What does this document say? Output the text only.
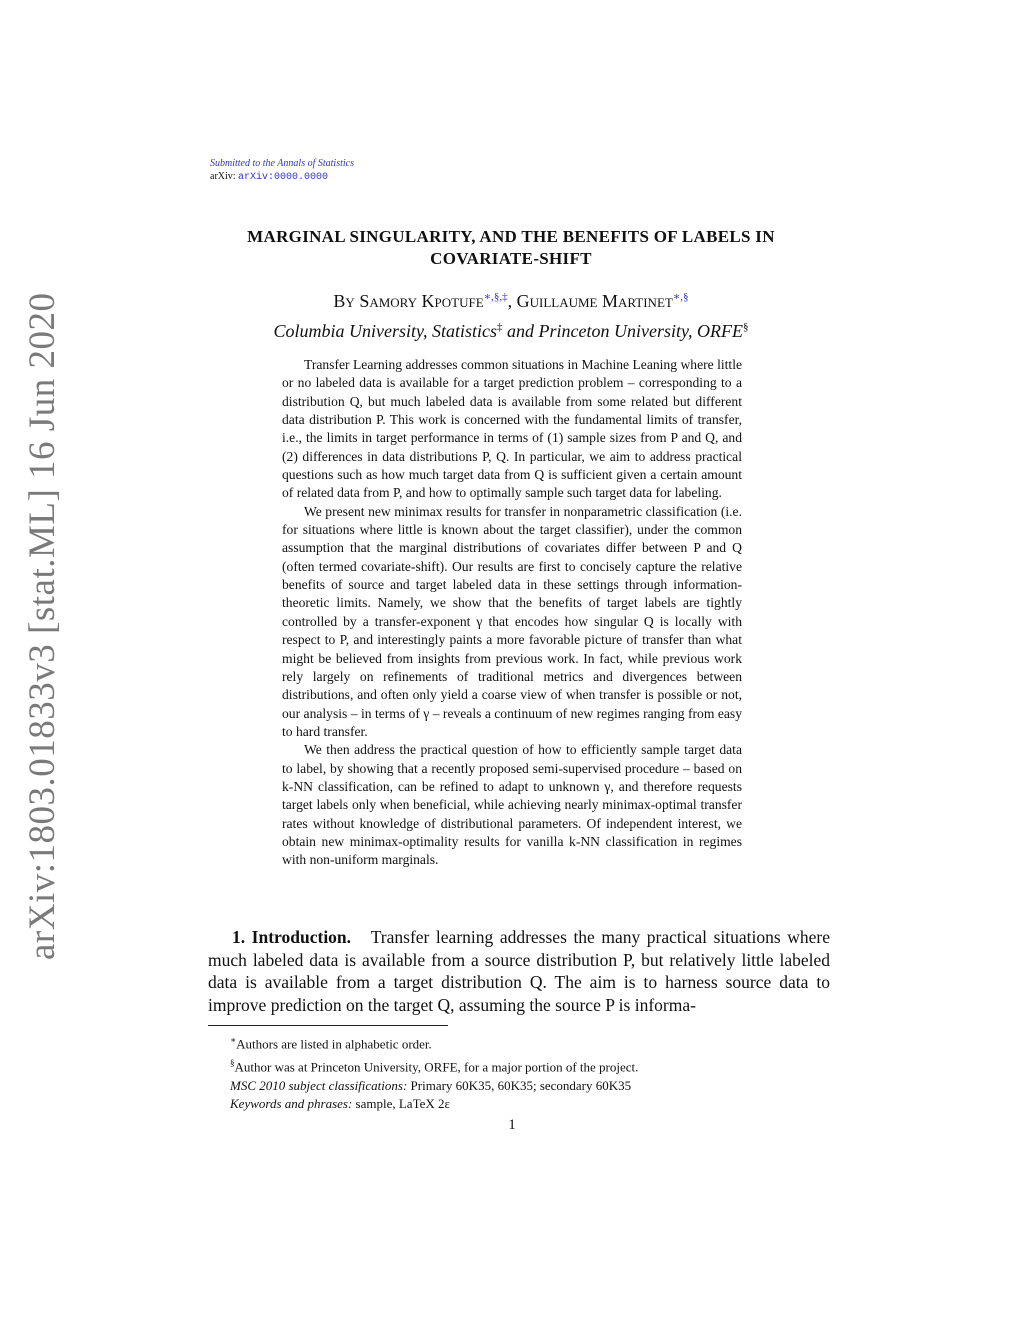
arXiv:1803.01833v3 [stat.ML] 16 Jun 2020
Submitted to the Annals of Statistics
arXiv: arXiv:0000.0000
MARGINAL SINGULARITY, AND THE BENEFITS OF LABELS IN
COVARIATE-SHIFT
By Samory Kpotufe∗,§,‡, Guillaume Martinet∗,§
Columbia University, Statistics‡ and Princeton University, ORFE§

Transfer Learning addresses common situations in Machine Leaning where little or no labeled data is available for a target prediction problem – corresponding to a distribution Q, but much labeled data is available from some related but different data distribution P. This work is concerned with the fundamental limits of transfer, i.e., the limits in target performance in terms of (1) sample sizes from P and Q, and (2) differences in data distributions P, Q. In particular, we aim to address practical questions such as how much target data from Q is sufficient given a certain amount of related data from P, and how to optimally sample such target data for labeling.

We present new minimax results for transfer in nonparametric classification (i.e. for situations where little is known about the target classifier), under the common assumption that the marginal distributions of covariates differ between P and Q (often termed covariate-shift). Our results are first to concisely capture the relative benefits of source and target labeled data in these settings through information-theoretic limits. Namely, we show that the benefits of target labels are tightly controlled by a transfer-exponent γ that encodes how singular Q is locally with respect to P, and interestingly paints a more favorable picture of transfer than what might be believed from insights from previous work. In fact, while previous work rely largely on refinements of traditional metrics and divergences between distributions, and often only yield a coarse view of when transfer is possible or not, our analysis – in terms of γ – reveals a continuum of new regimes ranging from easy to hard transfer.

We then address the practical question of how to efficiently sample target data to label, by showing that a recently proposed semi-supervised procedure – based on k-NN classification, can be refined to adapt to unknown γ, and therefore requests target labels only when beneficial, while achieving nearly minimax-optimal transfer rates without knowledge of distributional parameters. Of independent interest, we obtain new minimax-optimality results for vanilla k-NN classification in regimes with non-uniform marginals.

1. Introduction. Transfer learning addresses the many practical situations where much labeled data is available from a source distribution P, but relatively little labeled data is available from a target distribution Q. The aim is to harness source data to improve prediction on the target Q, assuming the source P is informa-

∗Authors are listed in alphabetic order.
§Author was at Princeton University, ORFE, for a major portion of the project.
MSC 2010 subject classifications: Primary 60K35, 60K35; secondary 60K35
Keywords and phrases: sample, LaTeX 2ε
1
